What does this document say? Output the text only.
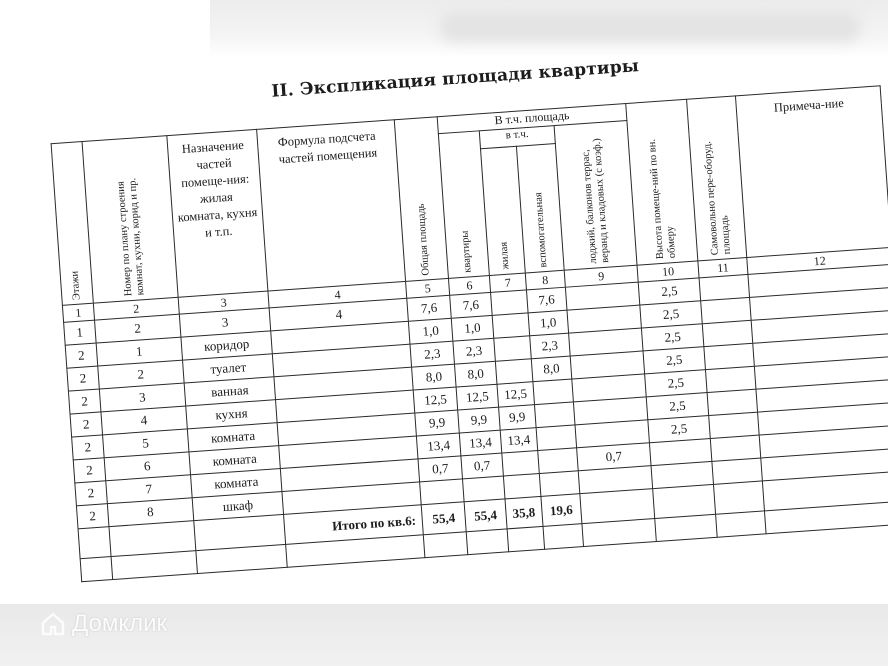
II. Экспликация площади квартиры
Этажи	Номер по плану строения комнат, кухни, корид и пр.	Назначение частей помеще-ния: жилая комната, кухня и т.п.	Формула подсчета частей помещения	Общая площадь	В т.ч. площадь				Высота помеще-ний по вн. обмеру	Самовольно пере-оборуд. площадь	Примеча-ние

					квартиры	в т.ч.		лоджий, балконов террас, веранд и кладовых (с коэф.)			
						жилая	вспомогательная				
1	2	3	4	5	6	7	8	9	10	11	12
1	2	3	4	7,6	7,6		7,6		2,5		
2	1	коридор		1,0	1,0		1,0		2,5		
2	2	туалет		2,3	2,3		2,3		2,5		
2	3	ванная		8,0	8,0		8,0		2,5		
2	4	кухня		12,5	12,5	12,5			2,5		
2	5	комната		9,9	9,9	9,9			2,5		
2	6	комната		13,4	13,4	13,4			2,5		
2	7	комната		0,7	0,7			0,7			
2	8	шкаф									
			Итого по кв.6:	55,4	55,4	35,8	19,6				

Домклик
